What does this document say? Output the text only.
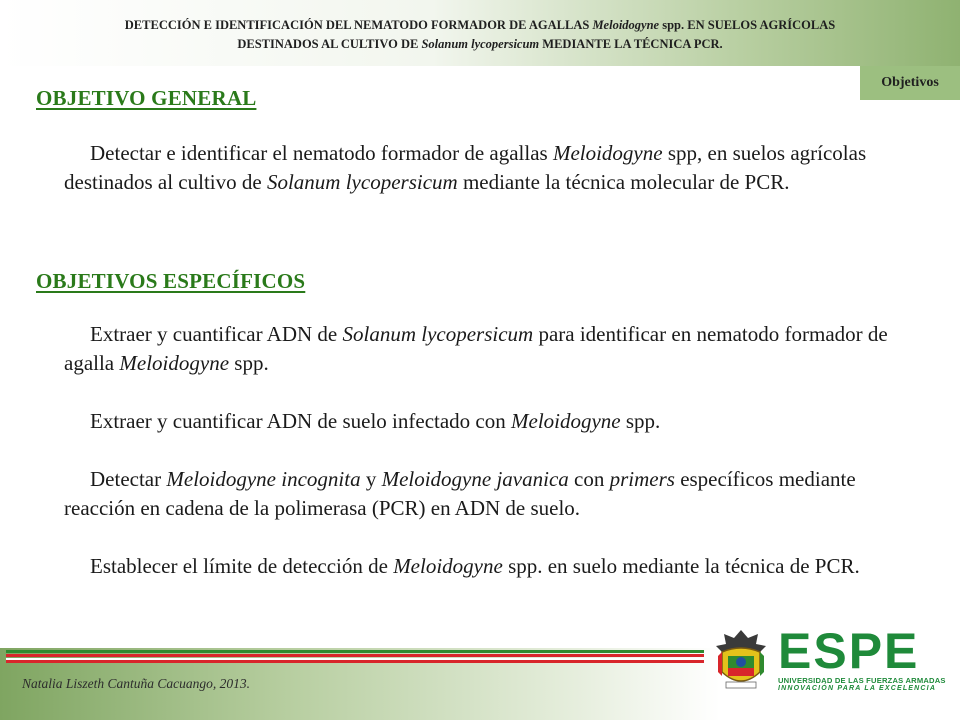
DETECCIÓN E IDENTIFICACIÓN DEL NEMATODO FORMADOR DE AGALLAS Meloidogyne spp. EN SUELOS AGRÍCOLAS
DESTINADOS AL CULTIVO DE Solanum lycopersicum MEDIANTE LA TÉCNICA PCR.
Objetivos
OBJETIVO GENERAL
Detectar e identificar el nematodo formador de agallas Meloidogyne spp, en suelos agrícolas destinados al cultivo de Solanum lycopersicum mediante la técnica molecular de PCR.
OBJETIVOS ESPECÍFICOS
Extraer y cuantificar ADN de Solanum lycopersicum para identificar en nematodo formador de agalla Meloidogyne spp.
Extraer y cuantificar ADN de suelo infectado con Meloidogyne spp.
Detectar Meloidogyne incognita y Meloidogyne javanica con primers específicos mediante reacción en cadena de la polimerasa (PCR) en ADN de suelo.
Establecer el límite de detección de Meloidogyne spp. en suelo mediante la técnica de PCR.
Natalia Liszeth Cantuña Cacuango, 2013.
ESPE
UNIVERSIDAD DE LAS FUERZAS ARMADAS
INNOVACIÓN PARA LA EXCELENCIA
